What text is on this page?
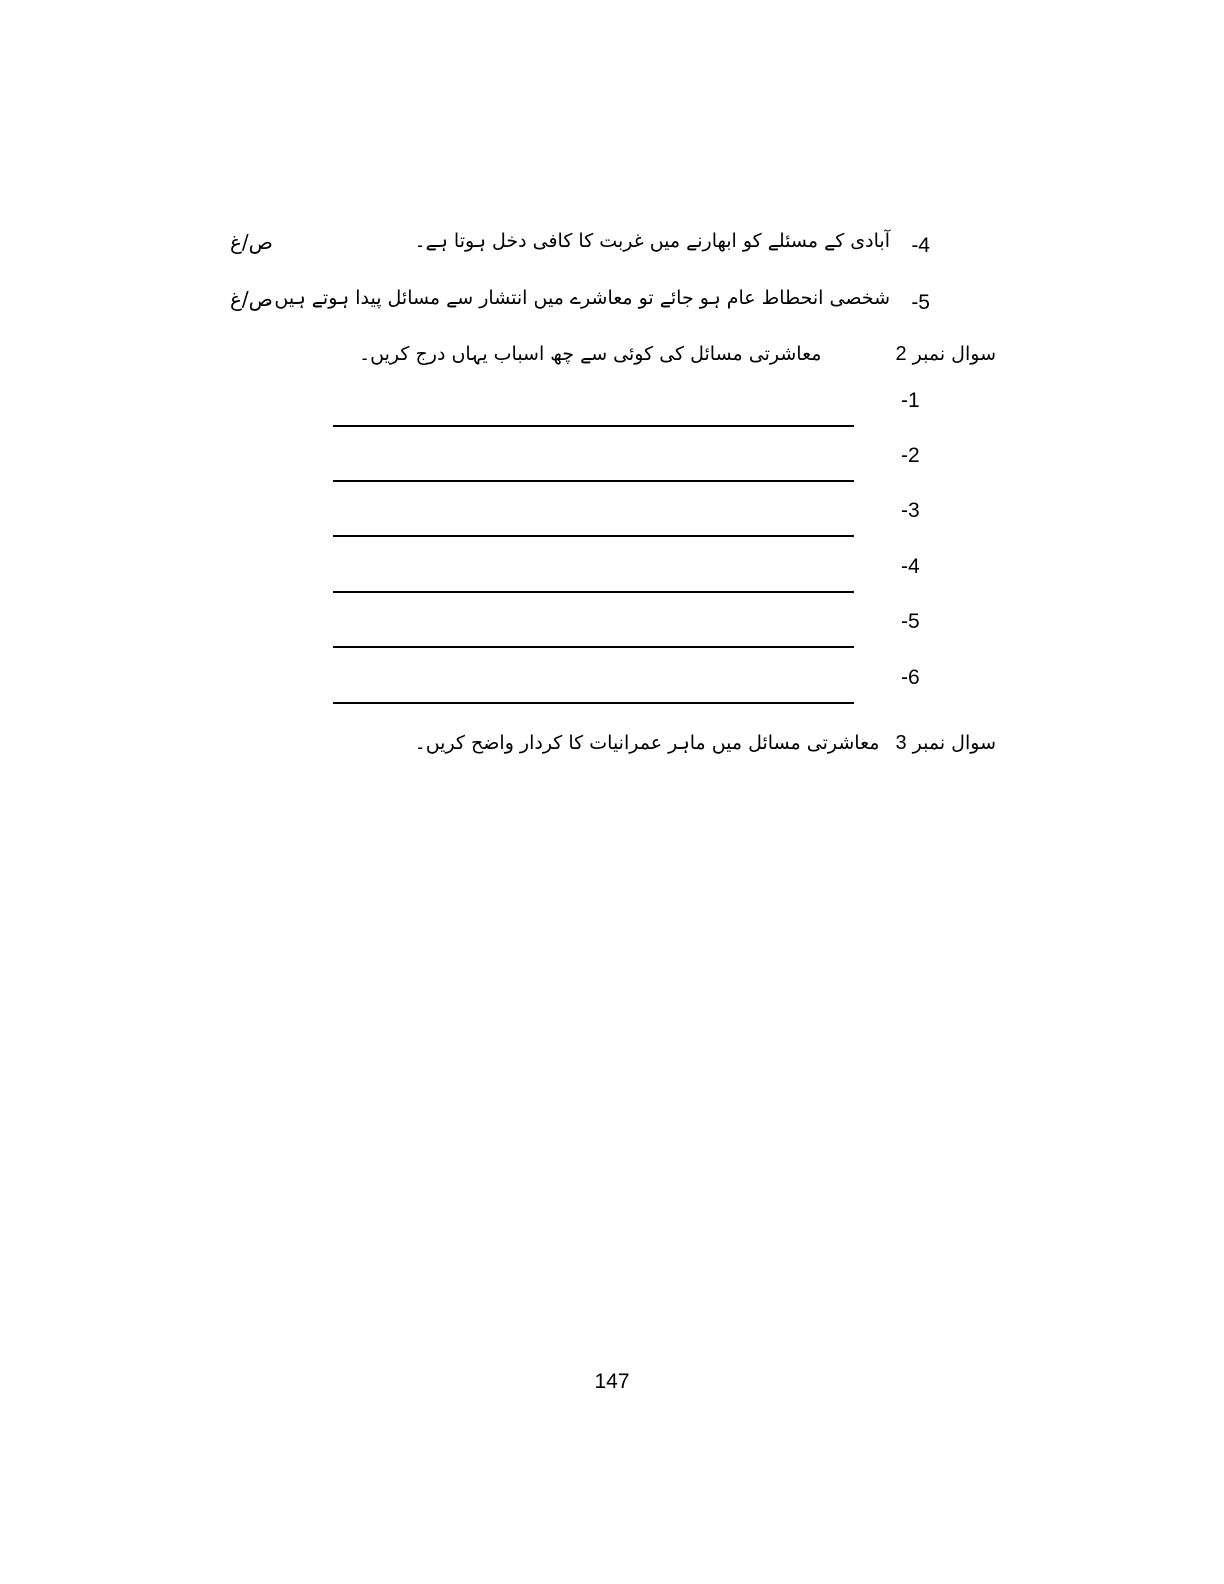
-4
آبادی کے مسئلے کو ابھارنے میں غربت کا کافی دخل ہوتا ہے۔
ص/غ
-5
شخصی انحطاط عام ہو جائے تو معاشرے میں انتشار سے مسائل پیدا ہوتے ہیں۔
ص/غ
سوال نمبر 2 معاشرتی مسائل کی کوئی سے چھ اسباب یہاں درج کریں۔
-1
-2
-3
-4
-5
-6
سوال نمبر 3 معاشرتی مسائل میں ماہر عمرانیات کا کردار واضح کریں۔
147
